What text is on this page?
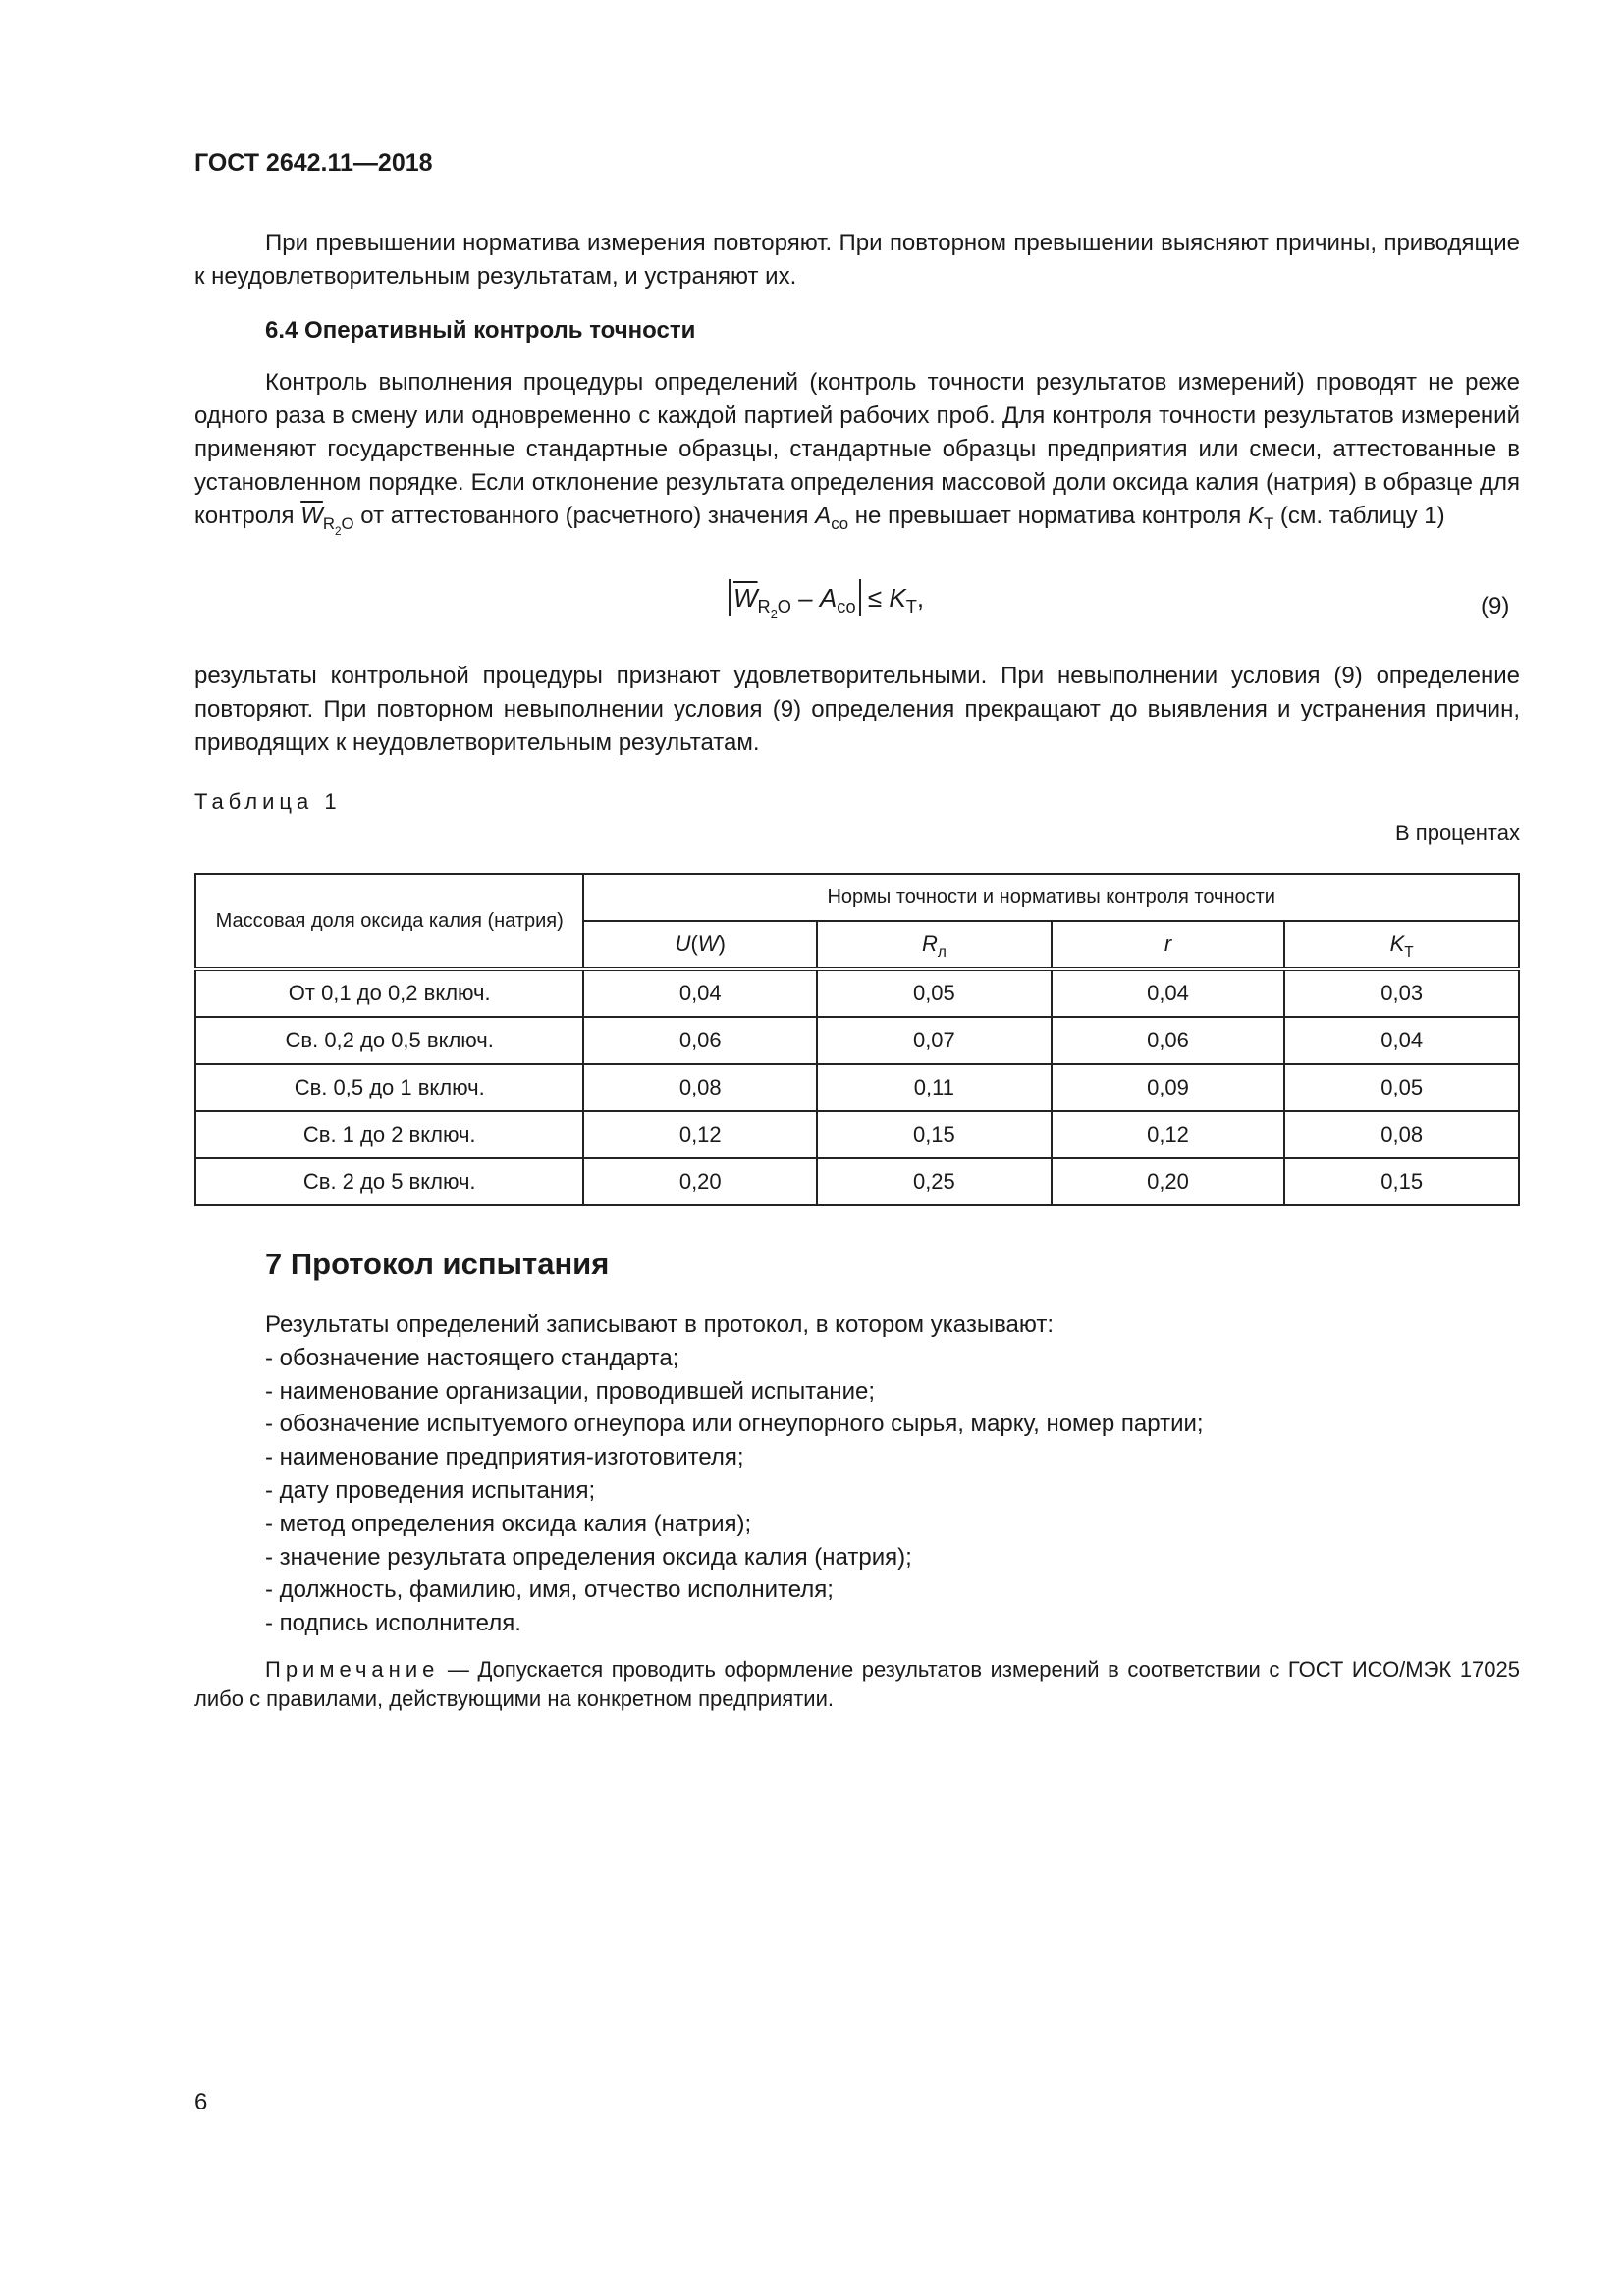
ГОСТ 2642.11—2018
При превышении норматива измерения повторяют. При повторном превышении выясняют причины, приводящие к неудовлетворительным результатам, и устраняют их.
6.4 Оперативный контроль точности
Контроль выполнения процедуры определений (контроль точности результатов измерений) проводят не реже одного раза в смену или одновременно с каждой партией рабочих проб. Для контроля точности результатов измерений применяют государственные стандартные образцы, стандартные образцы предприятия или смеси, аттестованные в установленном порядке. Если отклонение результата определения массовой доли оксида калия (натрия) в образце для контроля $\overline{W}_{R_2O}$ от аттестованного (расчетного) значения $A_{со}$ не превышает норматива контроля $K_Т$ (см. таблицу 1)
$\overline{W}_{R_2O} - A_{со} \le K_Т$,	(9)
результаты контрольной процедуры признают удовлетворительными. При невыполнении условия (9) определение повторяют. При повторном невыполнении условия (9) определения прекращают до выявления и устранения причин, приводящих к неудовлетворительным результатам.
Таблица 1
В процентах
Массовая доля оксида калия (натрия)	Нормы точности и нормативы контроля точности			
	U(W)	$R_л$	r	$K_Т$
От 0,1 до 0,2 включ.	0,04	0,05	0,04	0,03
Св. 0,2 до 0,5 включ.	0,06	0,07	0,06	0,04
Св. 0,5 до 1 включ.	0,08	0,11	0,09	0,05
Св. 1 до 2 включ.	0,12	0,15	0,12	0,08
Св. 2 до 5 включ.	0,20	0,25	0,20	0,15
7 Протокол испытания
Результаты определений записывают в протокол, в котором указывают:
- обозначение настоящего стандарта;
- наименование организации, проводившей испытание;
- обозначение испытуемого огнеупора или огнеупорного сырья, марку, номер партии;
- наименование предприятия-изготовителя;
- дату проведения испытания;
- метод определения оксида калия (натрия);
- значение результата определения оксида калия (натрия);
- должность, фамилию, имя, отчество исполнителя;
- подпись исполнителя.
Примечание — Допускается проводить оформление результатов измерений в соответствии с ГОСТ ИСО/МЭК 17025 либо с правилами, действующими на конкретном предприятии.
6
